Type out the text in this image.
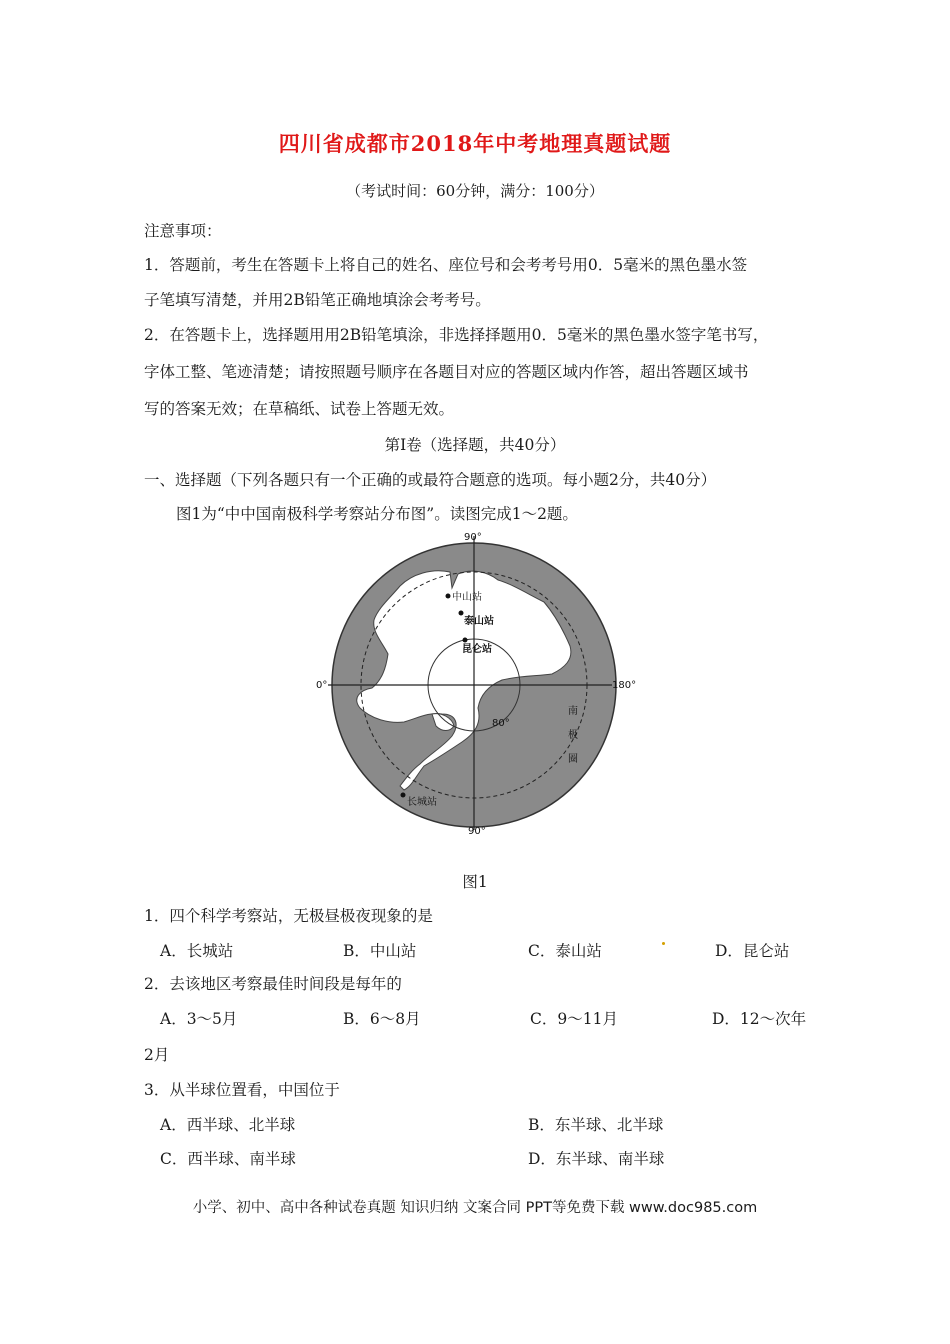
四川省成都市2018年中考地理真题试题
（考试时间：60分钟，满分：100分）
注意事项：
1．答题前，考生在答题卡上将自己的姓名、座位号和会考考号用0．5毫米的黑色墨水签
子笔填写清楚，并用2B铅笔正确地填涂会考考号。
2．在答题卡上，选择题用用2B铅笔填涂，非选择择题用0．5毫米的黑色墨水签字笔书写，
字体工整、笔迹清楚；请按照题号顺序在各题目对应的答题区域内作答，超出答题区域书
写的答案无效；在草稿纸、试卷上答题无效。
第Ⅰ卷（选择题，共40分）
一、选择题（下列各题只有一个正确的或最符合题意的选项。每小题2分，共40分）
图1为“中中国南极科学考察站分布图”。读图完成1～2题。
90°
90°
0°	180°
80°
中山站
泰山站
昆仑站
长城站
南
极
圈
图1
1．四个科学考察站，无极昼极夜现象的是
A．长城站	B．中山站	C．泰山站	D．昆仑站
2．去该地区考察最佳时间段是每年的
A．3～5月	B．6～8月	C．9～11月	D．12～次年
2月
3．从半球位置看，中国位于
A．西半球、北半球	B．东半球、北半球
C．西半球、南半球	D．东半球、南半球
小学、初中、高中各种试卷真题 知识归纳 文案合同 PPT等免费下载 www.doc985.com
